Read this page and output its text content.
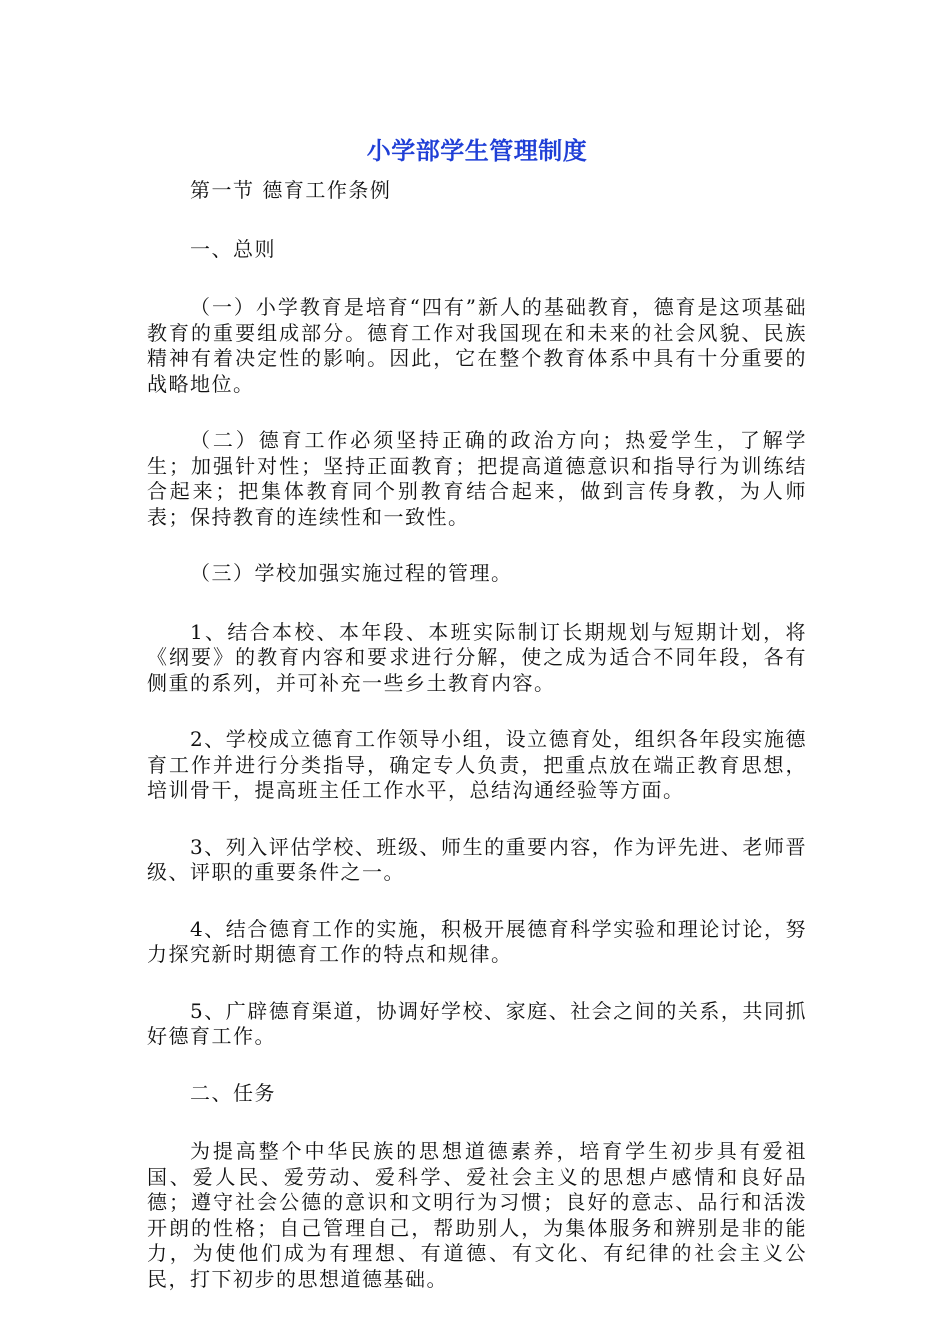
小学部学生管理制度

第一节 德育工作条例

一、总则

（一）小学教育是培育“四有”新人的基础教育，德育是这项基础教育的重要组成部分。德育工作对我国现在和未来的社会风貌、民族精神有着决定性的影响。因此，它在整个教育体系中具有十分重要的战略地位。

（二）德育工作必须坚持正确的政治方向；热爱学生，了解学生；加强针对性；坚持正面教育；把提高道德意识和指导行为训练结合起来；把集体教育同个别教育结合起来，做到言传身教，为人师表；保持教育的连续性和一致性。

（三）学校加强实施过程的管理。

1、结合本校、本年段、本班实际制订长期规划与短期计划，将《纲要》的教育内容和要求进行分解，使之成为适合不同年段，各有侧重的系列，并可补充一些乡土教育内容。

2、学校成立德育工作领导小组，设立德育处，组织各年段实施德育工作并进行分类指导，确定专人负责，把重点放在端正教育思想，培训骨干，提高班主任工作水平，总结沟通经验等方面。

3、列入评估学校、班级、师生的重要内容，作为评先进、老师晋级、评职的重要条件之一。

4、结合德育工作的实施，积极开展德育科学实验和理论讨论，努力探究新时期德育工作的特点和规律。

5、广辟德育渠道，协调好学校、家庭、社会之间的关系，共同抓好德育工作。

二、任务

为提高整个中华民族的思想道德素养，培育学生初步具有爱祖国、爱人民、爱劳动、爱科学、爱社会主义的思想卢感情和良好品德；遵守社会公德的意识和文明行为习惯；良好的意志、品行和活泼开朗的性格；自己管理自己，帮助别人，为集体服务和辨别是非的能力，为使他们成为有理想、有道德、有文化、有纪律的社会主义公民，打下初步的思想道德基础。
